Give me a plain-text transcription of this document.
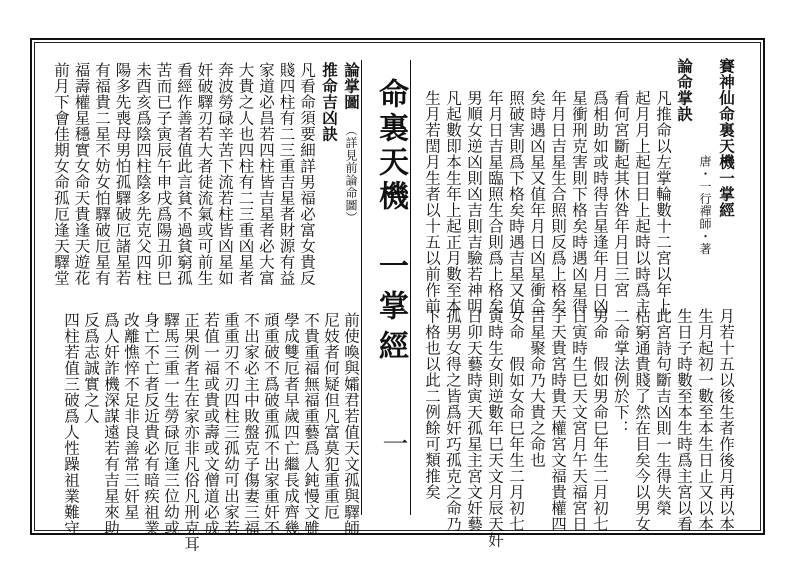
命裏天機
一掌經
一
賽神仙命裏天機一掌經
唐・一行禪師・著
論命掌訣
凡推命以左掌輪數十二宮以年上
起月月上起日日上起時以時爲主
看何宮斷起其休咎年月日三宮
爲相助如或時得吉星逢年月日凶
星衝刑克害則下格矣時遇凶星得
年月日吉星生合照則反爲上格矣
矣時遇凶星又值年月日凶星衝合
照破害則爲下格矣時遇吉星又值
年月日吉星臨照生合則爲上格矣
男順女逆凶則凶吉則吉驗若神明
凡起數即本生年上起正月數至本
生月若閏月生者以十五以前作前
月若十五以後生者作後月再以本
生月起初一數至本生日止又以本
生日子時數至本生時爲主宮以看
此宮詩句斷吉凶則一生得失榮
枯窮通貴賤了然在目矣今以男女
二命掌法例於下：
男命　假如男命巳年生二月初七
日寅時生巳天文宮月午天福宮日
子天貴宮時貴天權宮文福貴權四
吉星聚命乃大貴之命也
女命　假如女命巳年生二月初七
寅時生女則逆數年巳天文月辰天奸
日卯天藝時寅天孤星主宮文奸藝
孤男女得之皆爲奸巧孤克之命乃
下格也以此二例餘可類推矣
論掌圖
（詳見前論命圖）
推命吉凶訣
凡看命須要細詳男福必富女貴反
賤四柱有二三重吉星者財源有益
家道必昌若四柱皆吉星者必大富
大貴之人也四柱有二三重凶星者
奔波勞碌辛苦下流若柱皆凶星如
奸破驛刃若大者徒流氣或可前生
看經作善者值此言貧不過貧窮孤
苦而已子寅辰午申戌爲陽丑卯巳
未酉亥爲陰四柱陰多先克父四柱
陽多先喪母男怕孤驛破厄諸星若
有福貴二星不妨女怕驛破厄星有
福壽權星穩實女命天貴逢天遊花
前月下會佳期女命孤厄逢天驛堂
前使喚與孀君若值天文孤與驛師
尼妓者何疑但凡富莫犯重重厄
不貴重福無福重藝爲人鈍慢文雖
學成雙厄者早歲四亡繼長成齊幾
頑重破不爲破重孤不出家重奸不
不出家必主中敗盤克子傷妻三福
重重刃不刃四柱三孤幼可出家若
若值一福或貴或壽或文僧道必成
正果例者生在家亦非凡俗凡刑克耳
驛馬三重一生勞碌厄逢三位幼或
身亡不亡者反近貴必有暗疾祖業
改離憔悴不足非良善常三奸星
爲人奸詐機深謀遠若有吉星來助
反爲志誠實之人
四柱若值三破爲人性躁祖業難守
